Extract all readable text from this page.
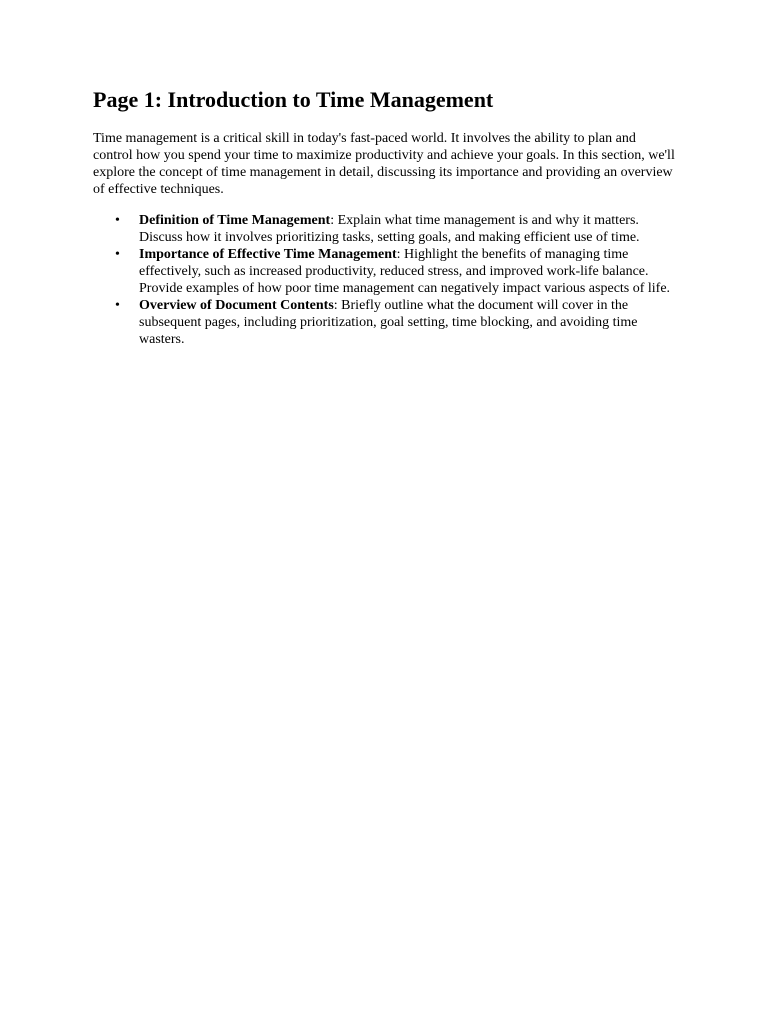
Page 1: Introduction to Time Management

Time management is a critical skill in today's fast-paced world. It involves the ability to plan and control how you spend your time to maximize productivity and achieve your goals. In this section, we'll explore the concept of time management in detail, discussing its importance and providing an overview of effective techniques.

• Definition of Time Management: Explain what time management is and why it matters. Discuss how it involves prioritizing tasks, setting goals, and making efficient use of time.
• Importance of Effective Time Management: Highlight the benefits of managing time effectively, such as increased productivity, reduced stress, and improved work-life balance. Provide examples of how poor time management can negatively impact various aspects of life.
• Overview of Document Contents: Briefly outline what the document will cover in the subsequent pages, including prioritization, goal setting, time blocking, and avoiding time wasters.
